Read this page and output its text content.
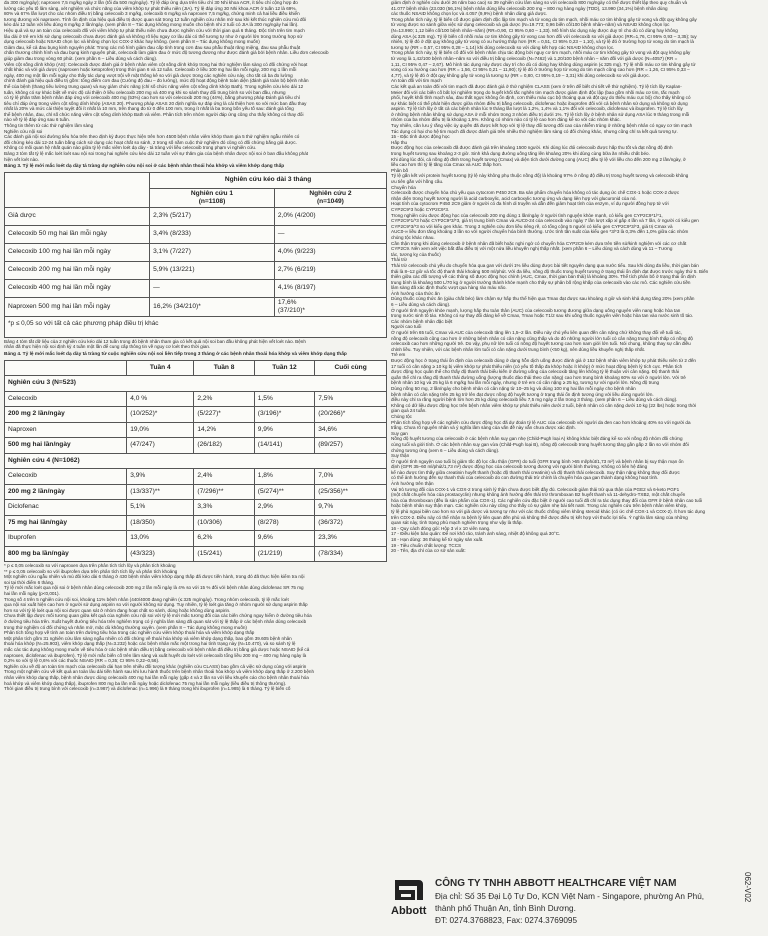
đa 300 mg/ngày); naproxen 7,5 mg/kg ngày 2 lần (tối đa 500 mg/ngày). Tỷ lệ đáp ứng dựa trên tiêu chí 30 Nhi khoa ACR, ít tiêu chí cộng hợp đo
lường các yếu tố lâm sàng, xét nghiệm và chức năng của viêm khớp tự phát thiếu niên (JIA). Tỷ lệ đáp ứng 30 Nhi khoa ACR ở tuần 12 là 69%,
80% và 67% lần lượt cho các nhóm điều trị bằng celecoxib 3 mg/kg, celecoxib 6 mg/kg và naproxen 7,5 mg/kg, chứng minh cả hai liều điều khiển
tương đương với naproxen. Tính ổn định của hiệu quả điều trị được quan sát trong 12 tuần nghiên cứu nhãn mở sau khi kết thúc nghiên cứu mù đôi
kéo dài 12 tuần với liều dùng 6 mg/kg 2 lần/ngày. (xem phần 8 – Tác dụng không mong muốn cho bệnh nhi 2 tuổi có JIA là 300 mg/ngày hai lần).
Hiệu quả và sự an toàn của celecoxib đối với viêm khớp tự phát thiếu niên chưa được nghiên cứu với thời gian quá 6 tháng. Độc tính trên tim mạch
lâu dài ở trẻ em khi sử dụng celecoxib chưa được đánh giá và không rõ liệu nguy cơ lâu dài có thể tương tự như ở người lớn trong trường hợp sử
dụng celecoxib hoặc NSAID chọn lọc và không chọn lọc COX-2 khác hay không. (xem phần 8 – Tác dụng không mong muốn)
Giảm đau, kể cả đau bụng kinh nguyên phát: Trong các mô hình giảm đau cấp tính trong cơn đau sau phẫu thuật răng miệng, đau sau phẫu thuật
chấn thương chỉnh hình và đau bụng kinh nguyên phát, celecoxib làm giảm đau ở mức độ tương đương như được đánh giá bởi bệnh nhân. Liều đơn celecoxib
giúp giảm đau trong vòng 60 phút. (xem phần 6 – Liều dùng và cách dùng).
Viêm cột sống dính khớp (AS): Celecoxib được đánh giá ở bệnh nhân viêm cột sống dính khớp trong hai thử nghiệm lâm sàng có đối chứng với hoạt
chất khác và với giả dược (naproxen hoặc ketoprofen) trong thời gian 6 và 12 tuần. Celecoxib ở liều 100 mg hai lần mỗi ngày, 200 mg 1 lần mỗi
ngày, 400 mg một lần mỗi ngày cho thấy tác dụng vượt trội về mặt thống kê so với giả dược trong các nghiên cứu này, cho tất cả ba đo lường
chính đánh giá hiệu quả điều trị gồm: tổng điểm cơn đau (Cường độ đau – đo lường), mức độ hoạt động bệnh toàn diện (đánh giá toàn bộ bệnh nhân
thể của bệnh (thang tiêu lường trung quan) và suy giảm chức năng (chỉ số chức năng viêm cột sống dính khớp Bath). Trong nghiên cứu kéo dài 12
tuần, không có sự khác biệt về mức độ cải thiện ở liều celecoxib 200 mg và 400 mg khi so sánh thay đổi trung bình so với ban đầu, nhưng
có tỷ lệ phần trăm bệnh nhân đáp ứng với celecoxib 400 mg (53%) cao hơn so với celecoxib 200 mg (44%), bằng phương pháp Đánh giá tiêu chí
tiêu chí đáp ứng trong viêm cột sống dính khớp (ASAS 20). Phương pháp ASAS 20 định nghĩa sự đáp ứng là cải thiện hơn so với mức ban đầu thay
nhất là 20% và mức cải thiện tuyệt đối ít nhất là 10 mm, trên thang đo từ 0 đến 100 mm, trong ít nhất là ba trong bốn yếu tố sau: đánh giá tổng
thể bệnh nhân, đau, chỉ số chức năng viêm cột sống dính khớp Bath và viêm. Phân tích trên nhóm người đáp ứng cũng cho thấy không có thay đổi
nào về tỷ lệ đáp ứng sau 6 tuần.
Thông tin thêm từ các thử nghiệm lâm sàng
Nghiên cứu nội soi
Các đánh giá nội soi đường tiêu hóa trên theo định kỳ được thực hiện trên hơn 4500 bệnh nhân viêm khớp tham gia 5 thử nghiệm ngẫu nhiên có
đối chứng kéo dài 12-24 tuần bằng cách sử dụng các hoạt chất so sánh, 2 trong số nằm cuộc thử nghiệm đó cũng có đối chứng bằng giả dược.
Không có mối quan hệ nhất quán nào giữa tỷ lệ mắc viêm loét dạ dày - tá tràng với liều celecoxib trong phạm vi nghiên cứu.
Bảng 3 tóm tắt tỷ lệ mắc loét loét sau nội soi trong hai nghiên cứu kéo dài 12 tuần với sự thăm gia của bệnh nhân được nội soi ở ban đầu không phát
hiện vết loét nào.
Bảng 3. Tỷ lệ mới mắc loét dạ dày tá tràng dự nghiên cứu nội soi ở các bệnh nhân thoái hóa khớp và viêm khớp dạng thấp
	Nghiên cứu kéo dài 3 tháng	
	Nghiên cứu 1
(n=1108)	Nghiên cứu 2
(n=1049)
Giả dược	2,3% (5/217)	2,0% (4/200)
Celecoxib 50 mg hai lần mỗi ngày	3,4% (8/233)	—
Celecoxib 100 mg hai lần mỗi ngày	3,1% (7/227)	4,0% (9/223)
Celecoxib 200 mg hai lần mỗi ngày	5,9% (13/221)	2,7% (6/219)
Celecoxib 400 mg hai lần mỗi ngày	—	4,1% (8/197)
Naproxen 500 mg hai lần mỗi ngày	16,2% (34/210)*	17,6%
(37/210)*
*p ≤ 0,05 so với tất cả các phương pháp điều trị khác
Bảng 4 tóm tắt dữ liệu của 2 nghiên cứu kéo dài 12 tuần trong đó bệnh nhân tham gia có kết quả nội soi ban đầu không phát hiện vết loét nào. Bệnh
nhân đã thực hiện nội soi định kỳ 4 tuần một lần để cung cấp thông tin về nguy cơ loét theo thời gian.
Bảng 4. Tỷ lệ mới mắc loét dạ dày tá tràng từ cuộc nghiên cứu nội soi liên tiếp trong 3 tháng ở các bệnh nhân thoái hóa khớp và viêm khớp dạng thấp
	Tuần 4	Tuần 8	Tuần 12	Cuối cùng
Nghiên cứu 3 (N=523)				
Celecoxib	4,0 %	2,2%	1,5%	7,5%
200 mg 2 lần/ngày	(10/252)*	(5/227)*	(3/196)*	(20/266)*
Naproxen	19,0%	14,2%	9,9%	34,6%
500 mg hai lần/ngày	(47/247)	(26/182)	(14/141)	(89/257)
Nghiên cứu 4 (N=1062)				
Celecoxib	3,9%	2,4%	1,8%	7,0%
200 mg 2 lần/ngày	(13/337)**	(7/296)**	(5/274)**	(25/356)**
Diclofenac	5,1%	3,3%	2,9%	9,7%
75 mg hai lần/ngày	(18/350)	(10/306)	(8/278)	(36/372)
Ibuprofen	13,0%	6,2%	9,6%	23,3%
800 mg ba lần/ngày	(43/323)	(15/241)	(21/219)	(78/334)
* p ≤ 0,05 celecoxib so với naproxen dựa trên phân tích tích lũy và phân tích khoảng
** p ≤ 0,05 celecoxib so với ibuprofen dựa trên phân tích tích lũy và phân tích khoảng
Một nghiên cứu ngẫu nhiên và mù đôi kéo dài 6 tháng ở 430 bệnh nhân viêm khớp dạng thấp đã được tiến hành, trong đó đã thực hiện kiểm tra nội
soi tại thời điểm 6 tháng.
Tỷ lệ mới mắc loét qua nội soi ở bệnh nhân dùng celecoxib 200 mg 2 lần mỗi ngày là 4% so với 15 % đối với bệnh nhân dùng diclofenac SR 75 mg
hai lần mỗi ngày (p<0,001).
Trong số 4 trên 5 nghiên cứu nội soi, khoảng 11% bệnh nhân (440/4000 đang nghiên (≤ 325 mg/ngày). Trong nhóm celecoxib, tỷ lệ mắc loét
qua nội soi xuất hiện cao hơn ở người sử dụng aspirin so với người không sử dụng. Tuy nhiên, tỷ lệ loét gia tăng ở nhóm người sử dụng aspirin thấp
hơn so với tỷ lệ loét qua nội soi được quan sát ở nhóm đang hoạt chất so sánh, dùng hoặc không dùng aspirin.
Chưa thiết lập được mối tương quan giữa kết quả của nghiên cứu nội soi với tỷ lệ mới mắc tương đối của các biến chứng nguy hiểm ở đường tiêu hóa
ở đường tiêu hóa trên. Xuất huyết đường tiêu hóa trên nghiêm trọng có ý nghĩa lâm sàng đã quan sát với tỷ lệ thấp ở các bệnh nhân dùng celecoxib
trong thử nghiệm có đối chứng và nhãn mở, mặc dù không thường xuyên. (xem phần 8 – Tác dụng không mong muốn)
Phân tích tổng hợp về tính an toàn trên đường tiêu hóa trong các nghiên cứu viêm khớp thoái hóa và viêm khớp dạng thấp
Một phân tích gồm 31 nghiên cứu lâm sàng ngẫu nhiên có đối chứng về thoái hóa khớp và viêm khớp dạng thấp, bao gồm 39.605 bệnh nhân
thoái hóa khớp (N=25.903), viêm khớp dạng thấp (N=3.232) hoặc các bệnh nhân mắc một trong hai tình trạng này (N=10.470), và so sánh tỷ lệ
mắc các tác dụng không mong muốn về tiêu hóa ở các bệnh nhân điều trị bằng celecoxib với bệnh nhân đã điều trị bằng giả dược hoặc NSAID (kể cả
naproxen, diclofenac và ibuprofen). Tỷ lệ mới mắc biến cố trên lâm sàng và xuất huyết do loét với celecoxib tổng liều 200 mg – 400 mg hàng ngày là
0,2% so với tỷ lệ 0,6% với các thuốc NSAID (RR = 0,35; CI 95% 0,22–0,56).
Nghiên cứu về độ an toàn tim mạch của celecoxib dài hạn trên nhiều đối tượng khác (nghiên cứu CLASS) bao gồm cả việc sử dụng cùng với aspirin
Trong một nghiên cứu về kết quả an toàn lâu dài tiến hành sau khi lưu hành thuốc trên bệnh nhân thoái hóa khớp và viêm khớp dạng thấp ở 2.200 bệnh
nhân viêm khớp dạng thấp, bệnh nhân được dùng celecoxib 400 mg hai lần mỗi ngày (gấp 4 và 2 lần so với liều khuyến cáo cho bệnh nhân thoái hóa
hoá khớp và viêm khớp dạng thấp), ibuprofen 800 mg ba lần mỗi ngày hoặc diclofenac 75 mg hai lần mỗi ngày (liều điều trị thông thường).
Thời gian điều trị trung bình với celecoxib (n=3.987) và diclofenac (n=1.996) là 9 tháng trong khi ibuprofen (n=1.985) là 6 tháng. Tỷ lệ biến cố
giảm định ở nghiên cứu dưới 26 năm bao cao) so 39 nghiên cứu lâm sàng so với celecoxib 800 mg/ngày có thể được thiết lập theo quy chuẩn và
41.077 bệnh nhân (23.030 (56,1%) bệnh nhân dùng liều celecoxib 200 mg – 800 mg hàng ngày (TDD), 13.990 (34,1%) bệnh nhân dùng
các thuốc NSAID không chọn lọc và 4.057 (9,9%) bệnh nhân dùng giả dược.
Trong phân tích này, tỷ lệ biến cố được giám định độc lập tim mạch và tử vong do tim mạch, nhồi máu cơ tim không gây tử vong và đột quỵ không gây
tử vong được so sánh giữa việc sử dụng celecoxib và giả dược (N=19.773; 0,96 biến cố/100 bệnh nhân–năm) và NSAID không chọn lọc
(N=13.990; 1,12 biến cố/100 bệnh nhân–năm) (RR=0,90, CI 95% 0,60 – 1,33). Mô hình tác dụng này được duy trì cho dù có dùng hay không
dùng ASA (≤ 325 mg). Tỷ lệ biến cố nhồi máu cơ tim không gây tử vong cao hơn đối với celecoxib so với giả dược (RR=1,76, CI 95% 0,93 – 3,35); tuy
nhiên, tỷ lệ đó ở đột quỵ không gây tử vong có xu hướng thấp hơn (RR = 0,51, CI 95% 0,23 – 1,10), và tỷ lệ đó ở trường hợp tử vong do tim mạch là
tương tự (RR = 0,57, CI 95% 0,28 – 1,14) khi dùng celecoxib so với dùng kết hợp các NSAID không chọn lọc.
Trong phân tích này, tỷ lệ biến cố đối với bệnh nhân chịu tác động bởi nguy cơ tim mạch, nhồi máu cơ tim không gây tử vong và đột quỵ không gây
tử vong là 1,42/100 bệnh nhân–năm so với điều trị bằng celecoxib (N=7462) và 1,20/100 bệnh nhân – năm đối với giả dược (N=4057) (RR =
1,11, CI 95% 0,47 – 2,67). Mô hình tác dụng này được duy trì cho dù có dùng hay không dùng aspirin (≤ 325 mg). Tỷ lệ nhồi máu cơ tim không gây tử
vong có xu hướng cao hơn (RR = 1,56, CI 95% 0,21 – 11,90); tỷ lệ đó ở trường hợp tử vong do tim mạch cũng cao hơn (RR = 1,26, CI 95% 0,33 –
4,77), và tỷ lệ đó ở đột quỵ không gây tử vong là tương tự (RR = 0,80, CI 95% 0,19 – 3,31) khi dùng celecoxib so với giả dược.
An toàn đối với tim mạch
Các kết quả an toàn đối với tim mạch đã được đánh giá ở thử nghiệm CLASS (xem ở trên để biết chi tiết về thử nghiệm). Tỷ lệ tích lũy Kaplan-
Meier đối với các biến cố bất lợi nghiêm trọng do huyết khối tắc nghẽn tim mạch được giám định độc lập (bao gồm nhồi máu cơ tim, tắc mạch
phổi, huyết khối tĩnh mạch sâu, đau thắt ngực không ổn định, cơn thiếu máu cục bộ thoáng qua và đột quỵ do thiếu máu cục bộ) cho thấy không có
sự khác biệt có thể phát hiện được giữa nhóm điều trị bằng celecoxib, diclofenac hoặc ibuprofen đối với cả bệnh nhân sử dụng và không sử dụng
aspirin. Tỷ lệ tích lũy ở tất cả các bệnh nhân lúc 9 tháng lần lượt là 1,2%, 1,4% và 1,1% đối với celecoxib, diclofenac và ibuprofen. Tỷ lệ tích lũy
ở những bệnh nhân không sử dụng ASA ở mỗi nhóm trong 3 nhóm điều trị dưới 1%. Tỷ lệ tích lũy ở bệnh nhân sử dụng ASA lúc 9 tháng trong mỗi
nhóm của ba nhóm điều trị là khoảng 1,5%. Không có nhóm nào có tỷ lệ cao hơn đáng kể so với các nhóm khác.
Tuy nhiên, cần lưu ý rằng việc ủy quyền đã được kết hợp với tỷ lệ thay đổi tương đối cao của nhiễm trùng ở những bệnh nhân có nguy cơ tim mạch
Tác dụng có hại cho hệ tim mạch đã được đánh giá trên nhiều thử nghiệm lâm sàng có đối chứng khác, nhưng cũng chỉ ra kết quả tương tự.
15 - Đặc tính dược động học
Hấp thu
Được động học của celecoxib đã được đánh giá trên khoảng 1500 người. Khi dùng lúc đói celecoxib được hấp thu tốt và đạt nồng độ đỉnh
trong huyết tương sau khoảng 2-3 giờ. Sinh khả dụng đường uống tăng lên khoảng 20% khi dùng cùng bữa ăn nhiều chất béo.
Khi dùng lúc đói, cả nồng độ đỉnh trong huyết tương (Cmax) và diện tích dưới đường cong (AUC) đều tỷ lệ với liều cho đến 200 mg 2 lần/ngày, ở
liều cao hơn thì tỷ lệ tăng của Cmax và AUC thấp hơn.
Phân bố
Tỷ lệ gắn kết với protein huyết tương (tỷ lệ này không phụ thuộc nồng độ) là khoảng 97% ở nồng độ điều trị trong huyết tương và celecoxib không
ưu tiên gắn với hồng cầu.
Chuyển hóa
Celecoxib được chuyển hóa chủ yếu qua cytocrom P450 2C9. Ba sản phẩm chuyển hóa không có tác dụng ức chế COX-1 hoặc COX-2 được
nhận diện trong huyết tương người là acid carboxylic, acid carboxylic tương ứng và dạng liên hợp với glucuronid của nó.
Hoạt tính của cytocrom P450 2C9 giảm ở người có đa hình di truyền và dẫn đến giảm hoạt tính của enzym, ví dụ người đồng hợp tử với
CYP2C9*3 hoặc CYP2C9*3.
Trong nghiên cứu được động học của celecoxib 200 mg dùng 1 lần/ngày ở người tình nguyện khỏe mạnh, có kiểu gen CYP2C9*1/*1,
CYP2C9*1/*3 hoặc CYP2C9*3/*3, giá trị trung bình Cmax và AUC0-24 của celecoxib vào ngày 7 lần lượt xấp xỉ gấp 4 lần và 7 lần, ở người có kiểu gen
CYP2C9*3/*3 so với kiểu gen khác. Trong 3 nghiên cứu đơn liều riêng rẽ, có tổng cộng 5 người có kiểu gen CYP2C9*3/*3, giá trị Cmax và
AUC0-∞ liều đơn tăng khoảng 3 lần so với người chuyển hóa bình thường. Ước tính tần suất của kiểu gen *3/*3 là 0,3% đến 1,0% giữa các nhóm
chủng tộc khác nhau.
Cần thận trọng khi dùng celecoxib ở bệnh nhân đã biết hoặc nghi ngờ có chuyển hóa CYP2C9 kém dựa trên tiền sử/kinh nghiệm với các cơ chất
CYP2C9. Nên xem xét việc bắt đầu điều trị với một nửa liều khuyến nghị thấp nhất. (xem phần 6 – Liều dùng và cách dùng và 11 – Tương
tác, tương kỵ của thuốc)
Thải trừ
Thải trừ celecoxib chủ yếu do chuyển hóa qua gan với dưới 1% liều dùng được bài tiết nguyên dạng qua nước tiểu. Sau khi dùng đa liều, thời gian bán
thải là 8–12 giờ và tốc độ thanh thải khoảng 500 ml/phút. Với đa liều, nồng độ thuốc trong huyết tương ở trạng thái ổn định đạt được trước ngày thứ 5. Biến
thiên giữa các đối tượng về các thông số được động học chính (AUC, Cmax, thời gian bán thải) là khoảng 30%. Thể tích phân bố ở trạng thái ổn định
trung bình là khoảng 500 L/70 kg ở người trưởng thành khỏe mạnh cho thấy sự phân bố rộng khắp của celecoxib vào các mô. Các nghiên cứu tiền
lâm sàng đã xác định thuốc vượt qua hàng rào máu não.
Ảnh hưởng của thức ăn
Dùng thuốc cùng thức ăn (giàu chất béo) làm chậm sự hấp thu thể hiện qua Tmax đạt được sau khoảng 4 giờ và sinh khả dụng tăng 20% (xem phần
6 – Liều dùng và cách dùng).
Ở người tình nguyện khỏe mạnh, lượng hấp thu toàn thân (AUC) của celecoxib tương đương giữa dạng uống nguyên viên nang hoặc hòa tan
trong nước sinh tố táo. Không có sự thay đổi đáng kể về Cmax, Tmax hoặc T1/2 sau khi uống thuốc nguyên viên hoặc hòa tan vào nước sinh tố táo.
Các nhóm bệnh nhân đặc biệt
Người cao tuổi
Ở người trên 65 tuổi, Cmax và AUC của celecoxib tăng lên 1,5–2 lần. Điều này chủ yếu liên quan đến cân nặng chứ không thay đổi về tuổi tác,
nồng độ celecoxib cũng cao hơn ở những bệnh nhân có cân nặng cũng thấp và do đó những người lớn tuổi có cân nặng trung bình thấp có nồng độ
celecoxib cao hơn những người trẻ. Do vậy, phụ nữ lớn tuổi có nồng độ huyết tương cao hơn nam giới lớn tuổi. Nói chung, không thay sự cần điều
chỉnh liều. Tuy nhiên, với các bệnh nhân lớn tuổi có cân nặng dưới trung bình (<50 kg), nên dùng liều khuyến nghị thấp nhất.
Trẻ em
Được động học ở trạng thái ổn định của celecoxib dùng ở dạng hỗn dịch uống được đánh giá ở 152 bệnh nhân viêm khớp tự phát thiếu niên từ 2 đến
17 tuổi có cân nặng ≥ 10 kg bị viêm khớp tự phát thiếu niên (có yếu tố thấp đa khớp hoặc ít khớp) ở mức hoạt động bệnh lý tích cực. Phân tích
được động học quần thể cho thấy độ thanh thải biểu kiến ở đường uống của celecoxib tăng lên không tỷ lệ thuận với cân nặng. Độ thanh thải
quần thể chỉ ra rằng độ thanh thải đường uống (lượng thuốc đào thải theo cân nặng) cao hơn trung bình khoảng 60% so với ở người lớn. Với trẻ
bệnh nhân 10 kg và 25 kg là 6 mg/kg hai lần mỗi ngày, nhưng ở trẻ em có cân nặng ≥ 25 kg, tương tự với người lớn. Nồng độ trung
Dùng nồng 50 mg, 2 lần/ngày cho bệnh nhân có cân nặng từ 10–25 kg và dùng 100 mg hai lần mỗi ngày cho bệnh nhân
bệnh nhân có cân nặng trên 25 kg trở lên đạt được nồng độ huyết tương ở trạng thái ổn định tương ứng với liều dùng người lớn.
điều này chỉ ra rằng người bệnh lớn hơn 25 kg dùng celecoxib liều 7,5 mg ngày 2 lần trong 3 tháng. (xem phần 6 – Liều dùng và cách dùng).
Không có dữ liệu được động học trên bệnh nhân viêm khớp tự phát thiếu niên dưới 2 tuổi, bệnh nhân có cân nặng dưới 10 kg (22 lbs) hoặc trong thời
gian quá 24 tuần.
Chủng tộc
Phân tích tổng hợp về các nghiên cứu được động học đã dự đoán tỷ lệ AUC của celecoxib với người da đen cao hơn khoảng 40% so với người da
trắng. Chưa rõ nguyên nhân và ý nghĩa lâm sàng của vấn đề này vẫn chưa được xác định.
Suy gan
Nồng độ huyết tương của celecoxib ở các bệnh nhân suy gan nhẹ (Child-Pugh loại A) không khác biệt đáng kể so với nồng độ nhóm đối chứng
cùng tuổi và giới tính. Ở các bệnh nhân suy gan vừa (Child-Pugh loại B), nồng độ celecoxib trong huyết tương tăng gần gấp 2 lần so với nhóm đối
chứng tương ứng (xem 6 – Liều dùng và cách dùng).
Suy thận
Ở người tình nguyện cao tuổi bị giảm tốc độ lọc cầu thận (GFR) do tuổi (GFR trung bình >65 ml/phút/1,73 m²) và bệnh nhân bị suy thận mạn ổn
định (GFR 35–60 ml/phút/1,73 m²) được động học của celecoxib tương đương với người bình thường. Không có liên hệ đáng
kể nào được tìm thấy giữa creatinin huyết thanh (hoặc độ thanh thải creatinin) và độ thanh thải celecoxib. Suy thận nặng không thay đổi được
có thể ảnh hưởng đến sự thanh thải của celecoxib do con đường thải trừ chính là chuyển hóa qua gan thành dạng không hoạt tính.
Ảnh hưởng trên thận
Vai trò tương đối của COX-1 và COX-2 trong sinh lý thận chưa được biết đầy đủ. Celecoxib giảm thải trừ qua thận của PGE2 và 6-keto PGF1
(một chất chuyển hóa của prostacyclin) nhưng không ảnh hưởng đến thải trừ thromboxan B2 huyết thanh và 11-dehydro-TXB2, một chất chuyển
hóa của thromboxan (đều là sản phẩm của COX-1). Các nghiên cứu đặc biệt ở người cao tuổi đã chỉ ra tác dụng thay đổi của GFR ở bệnh nhân cao tuổi
hoặc bệnh nhân suy thận mạn. Các nghiên cứu này cũng cho thấy có sự giảm nhẹ bài tiết natri. Trong các nghiên cứu trên bệnh nhân viêm khớp,
tỷ lệ phù ngoại biên cao hơn so với giả dược và tương tự như với các thuốc chống viêm không steroid khác (có ức chế COX-1 và COX-2). Ít hơn tác dụng
trên COX-2. Điều này có thể nhận ra bệnh lý liên quan đến phù và không thể được điều trị kết hợp với thuốc lợi tiểu. Ý nghĩa lâm sàng của những
quan sát này, tình trạng phù mạch nghiêm trọng như vậy là thấp.
16 - Quy cách đóng gói: Hộp 3 vỉ x 10 viên nang.
17 - Điều kiện bảo quản: Để nơi khô ráo, tránh ánh sáng, nhiệt độ không quá 30°C.
18 - Hạn dùng: 36 tháng kể từ ngày sản xuất.
19 - Tiêu chuẩn chất lượng: TCCS
20 - Tên, địa chỉ của cơ sở sản xuất:
Abbott
CÔNG TY TNHH ABBOTT HEALTHCARE VIỆT NAM
Địa chỉ: Số 35 Đại Lộ Tự Do, KCN Việt Nam - Singapore, phường An Phú,
thành phố Thuận An, tỉnh Bình Dương.
ĐT: 0274.3768823, Fax: 0274.3769095
062-V02
